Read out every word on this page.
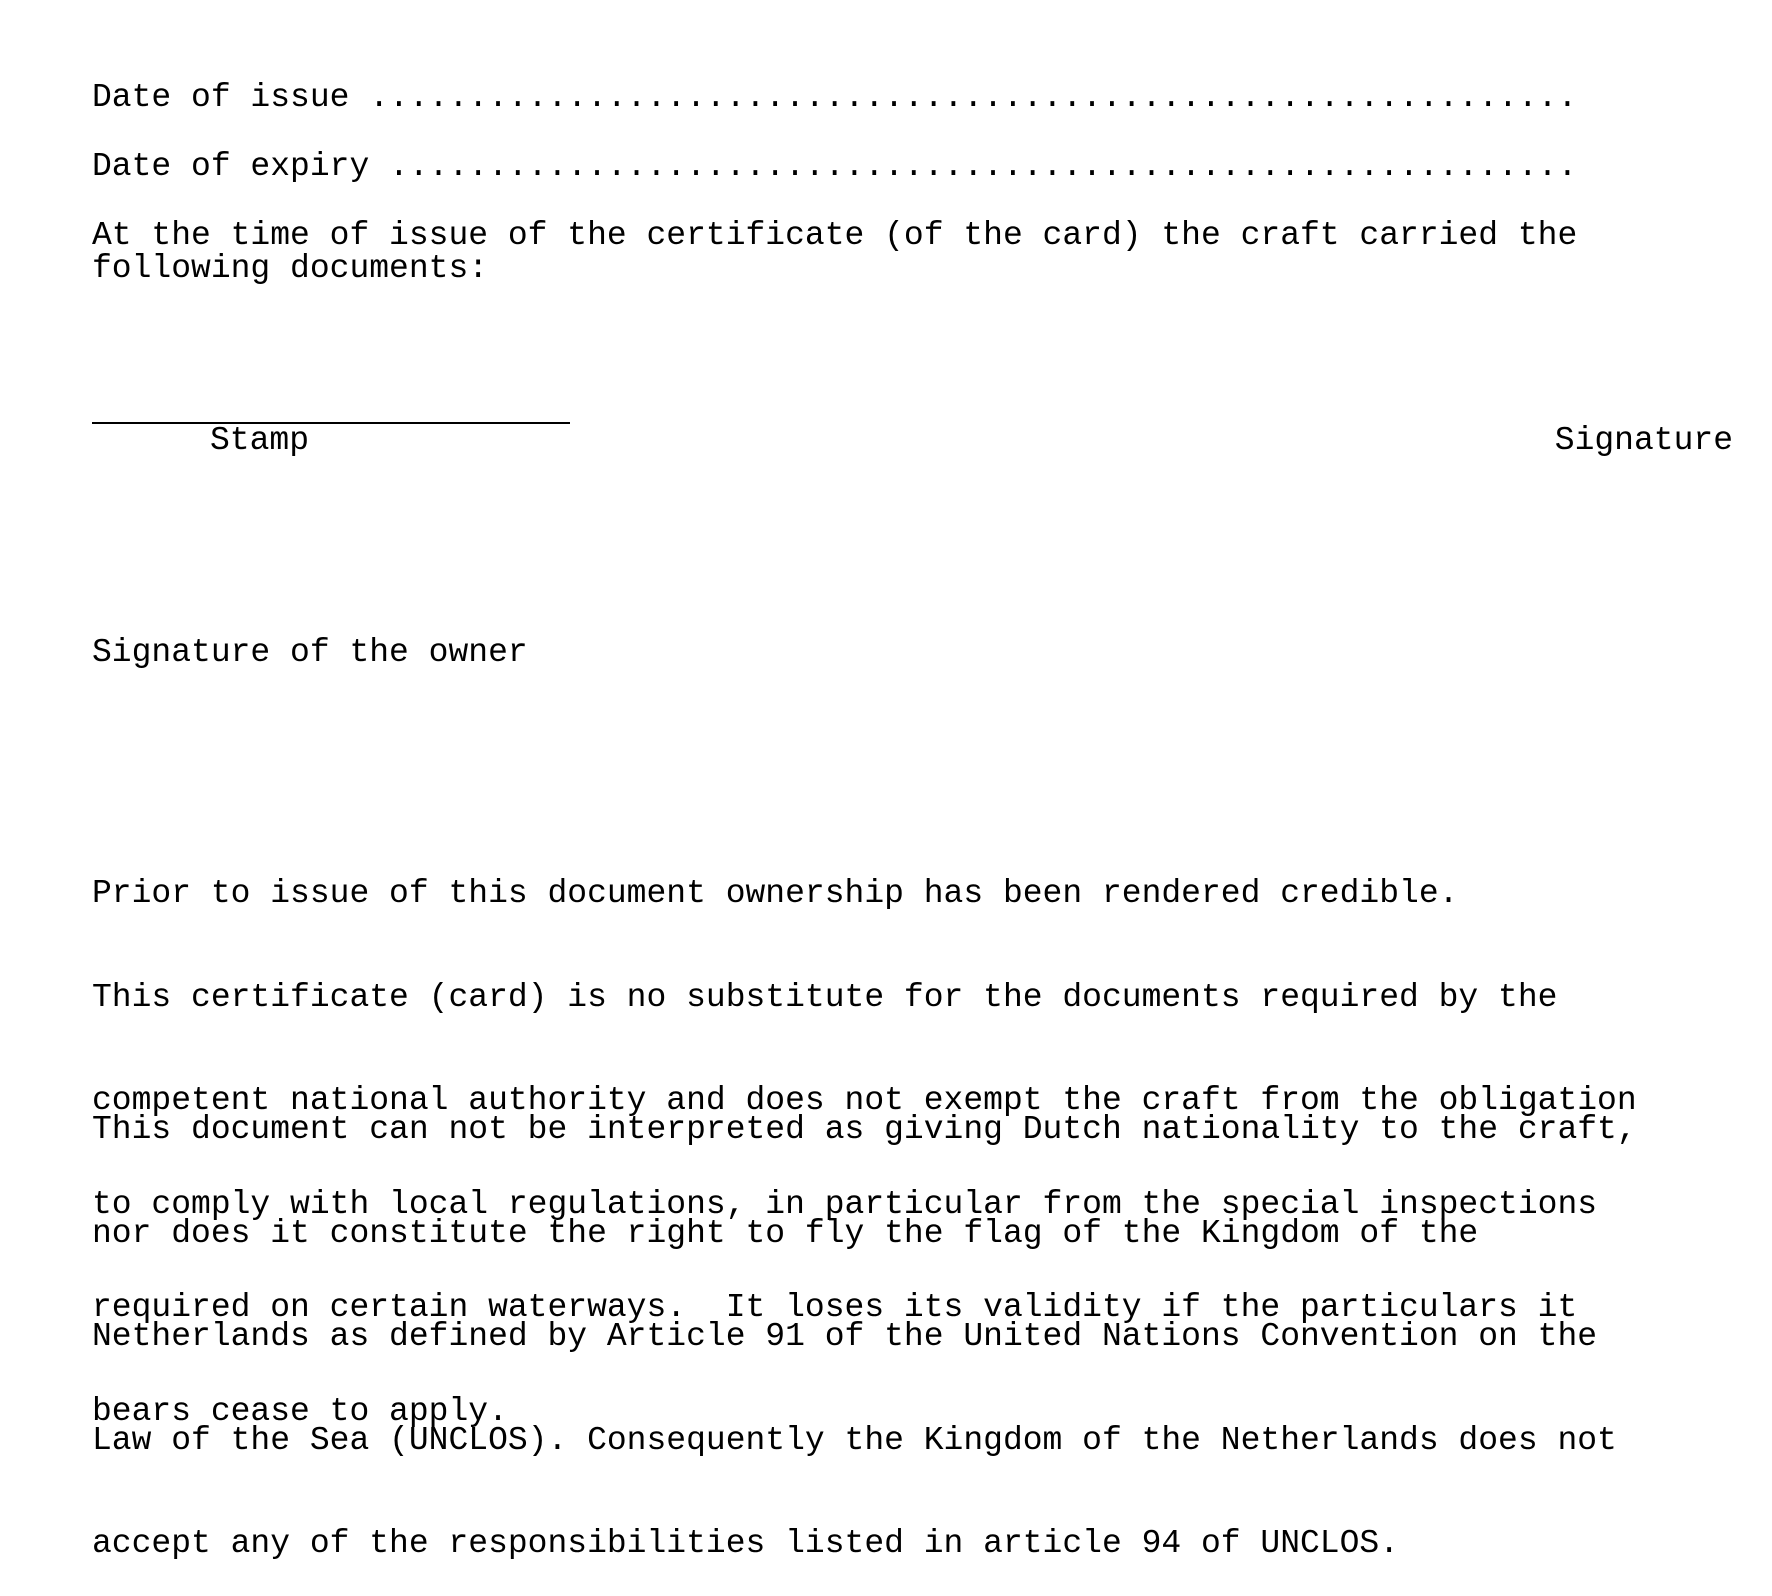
Date of issue .............................................................
Date of expiry ............................................................
At the time of issue of the certificate (of the card) the craft carried the
following documents:
Stamp	Signature
Signature of the owner

Prior to issue of this document ownership has been rendered credible.

This certificate (card) is no substitute for the documents required by the

competent national authority and does not exempt the craft from the obligation

to comply with local regulations, in particular from the special inspections

required on certain waterways.  It loses its validity if the particulars it

bears cease to apply.

This document can not be interpreted as giving Dutch nationality to the craft,

nor does it constitute the right to fly the flag of the Kingdom of the

Netherlands as defined by Article 91 of the United Nations Convention on the

Law of the Sea (UNCLOS). Consequently the Kingdom of the Netherlands does not

accept any of the responsibilities listed in article 94 of UNCLOS.
